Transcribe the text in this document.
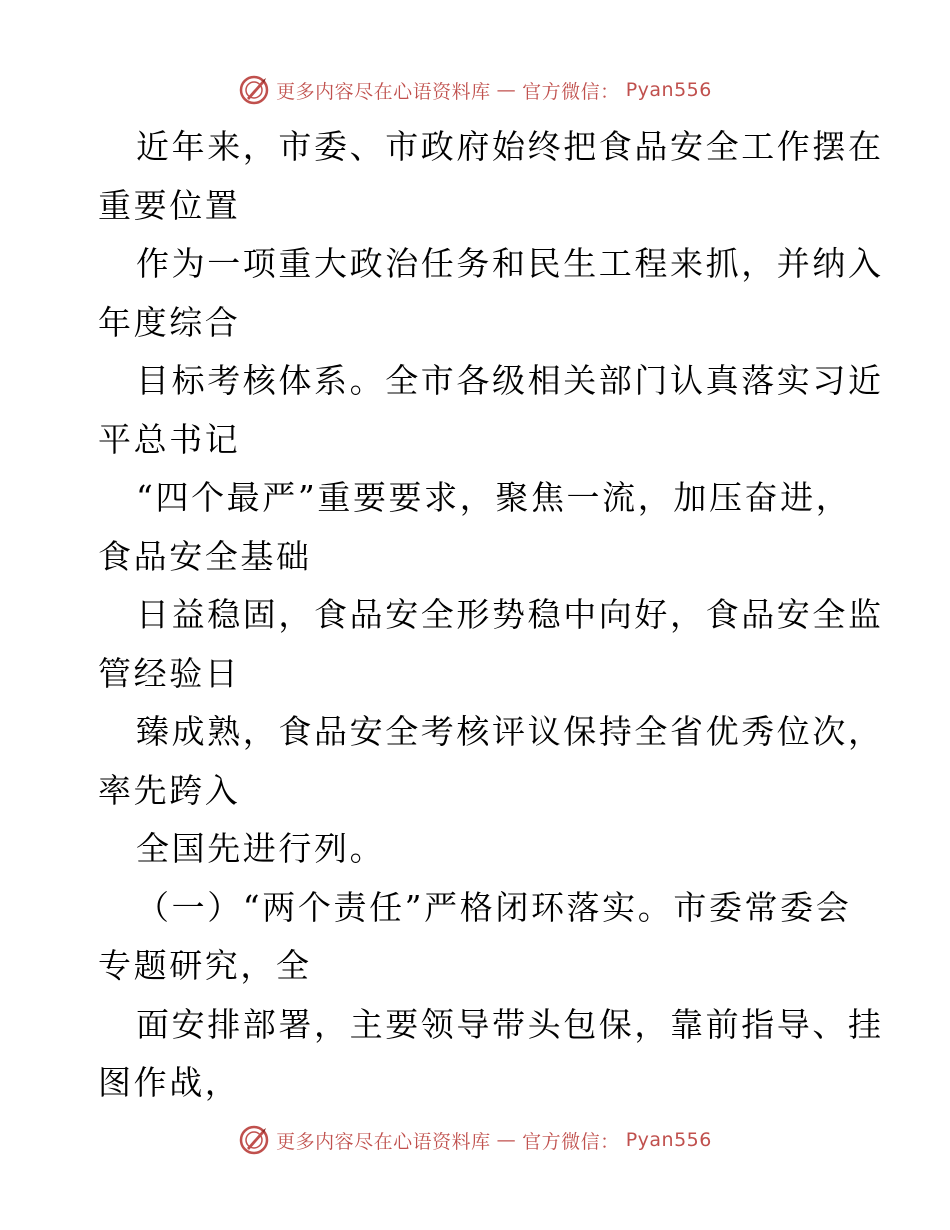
更多内容尽在心语资料库 — 官方微信： Pyan556
近年来，市委、市政府始终把食品安全工作摆在
重要位置
作为一项重大政治任务和民生工程来抓，并纳入
年度综合
目标考核体系。全市各级相关部门认真落实习近
平总书记
“四个最严”重要要求，聚焦一流，加压奋进，
食品安全基础
日益稳固，食品安全形势稳中向好，食品安全监
管经验日
臻成熟，食品安全考核评议保持全省优秀位次，
率先跨入
全国先进行列。
（一）“两个责任”严格闭环落实。市委常委会
专题研究，全
面安排部署，主要领导带头包保，靠前指导、挂
图作战，
更多内容尽在心语资料库 — 官方微信： Pyan556
